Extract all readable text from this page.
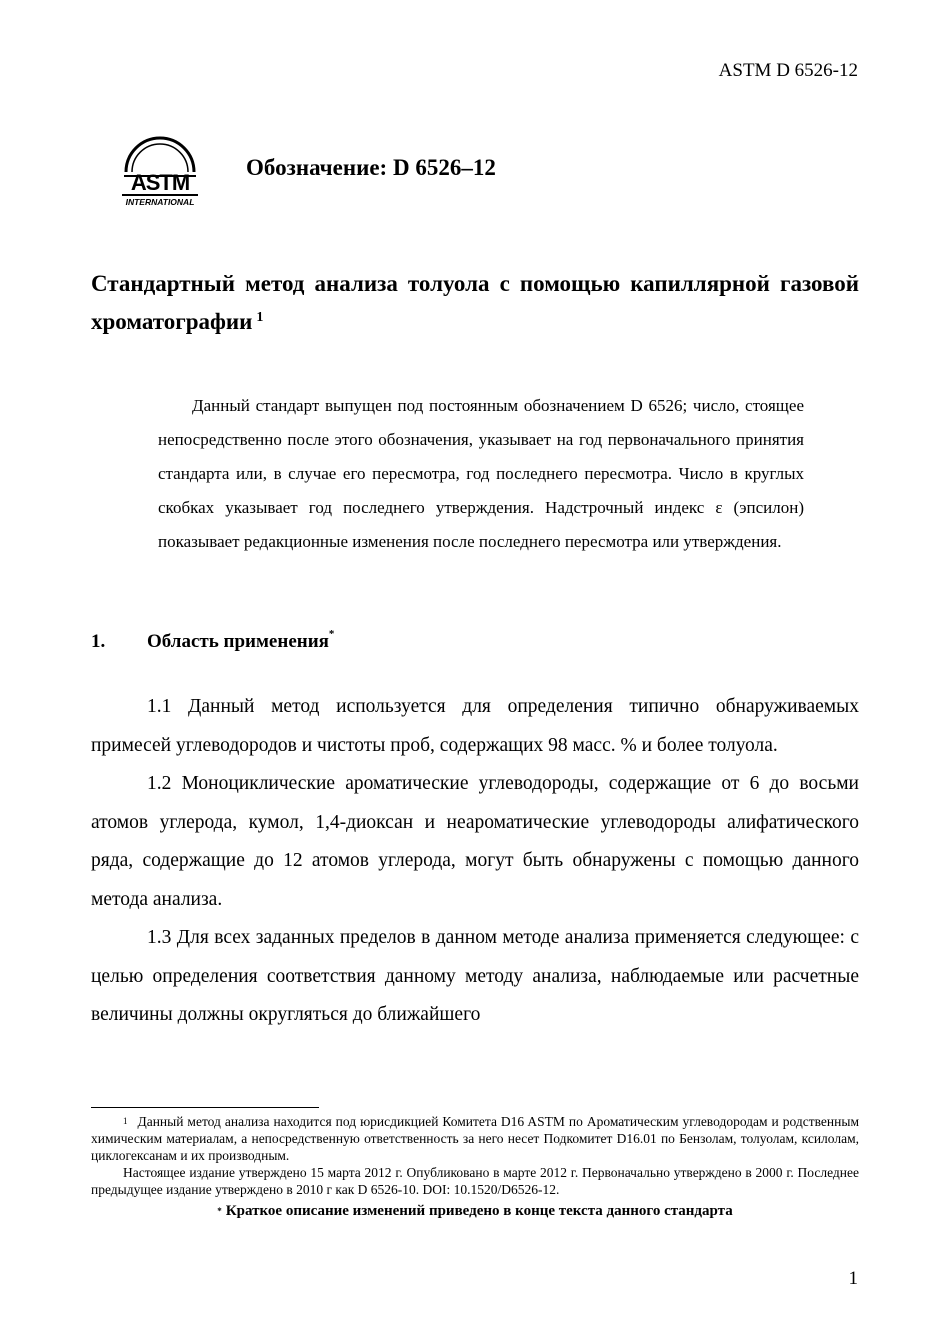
ASTM D 6526-12
ASTM
INTERNATIONAL
Обозначение: D 6526–12
Стандартный метод анализа толуола с помощью капиллярной газовой хроматографии $^1$
Данный стандарт выпущен под постоянным обозначением D 6526; число, стоящее непосредственно после этого обозначения, указывает на год первоначального принятия стандарта или, в случае его пересмотра, год последнего пересмотра. Число в круглых скобках указывает год последнего утверждения. Надстрочный индекс ε (эпсилон) показывает редакционные изменения после последнего пересмотра или утверждения.
1. Область применения*

1.1 Данный метод используется для определения типично обнаруживаемых примесей углеводородов и чистоты проб, содержащих 98 масс. % и более толуола.

1.2 Моноциклические ароматические углеводороды, содержащие от 6 до восьми атомов углерода, кумол, 1,4-диоксан и неароматические углеводороды алифатического ряда, содержащие до 12 атомов углерода, могут быть обнаружены с помощью данного метода анализа.

1.3 Для всех заданных пределов в данном методе анализа применяется следующее: с целью определения соответствия данному методу анализа, наблюдаемые или расчетные величины должны округляться до ближайшего

$^1$ Данный метод анализа находится под юрисдикцией Комитета D16 ASTM по Ароматическим углеводородам и родственным химическим материалам, а непосредственную ответственность за него несет Подкомитет D16.01 по Бензолам, толуолам, ксилолам, циклогексанам и их производным.

Настоящее издание утверждено 15 марта 2012 г. Опубликовано в марте 2012 г. Первоначально утверждено в 2000 г. Последнее предыдущее издание утверждено в 2010 г как D 6526-10. DOI: 10.1520/D6526-12.

* Краткое описание изменений приведено в конце текста данного стандарта

1
